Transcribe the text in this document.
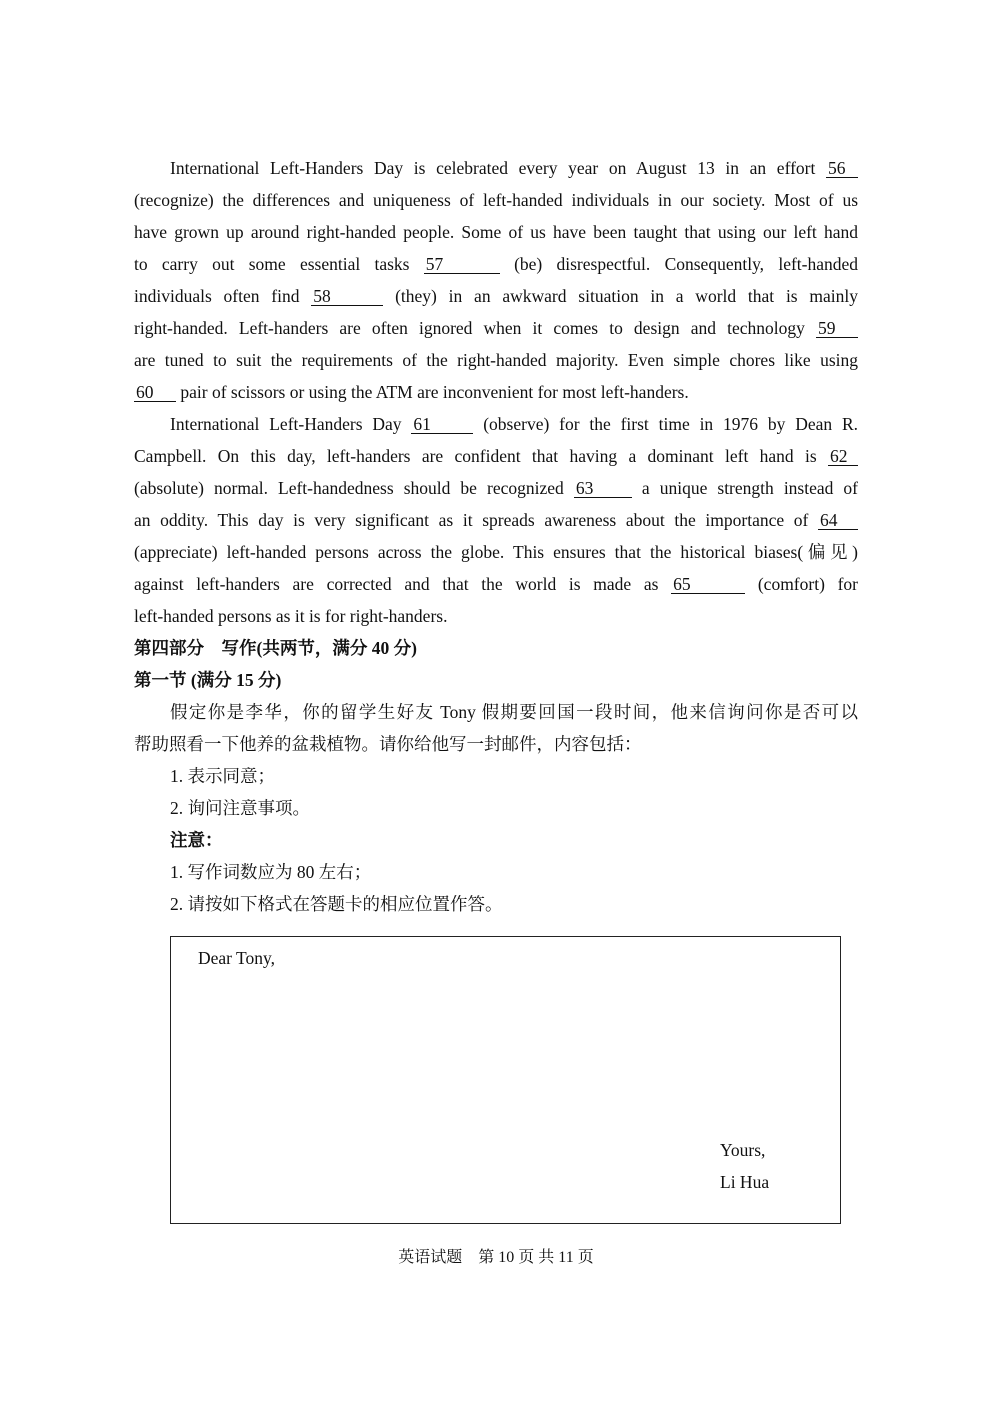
International Left-Handers Day is celebrated every year on August 13 in an effort 56
(recognize) the differences and uniqueness of left-handed individuals in our society. Most of us
have grown up around right-handed people. Some of us have been taught that using our left hand
to carry out some essential tasks 57	(be) disrespectful. Consequently, left-handed
individuals often find 58	(they) in an awkward situation in a world that is mainly
right-handed. Left-handers are often ignored when it comes to design and technology 59
are tuned to suit the requirements of the right-handed majority. Even simple chores like using
60 pair of scissors or using the ATM are inconvenient for most left-handers.
International Left-Handers Day 61	(observe) for the first time in 1976 by Dean R.
Campbell. On this day, left-handers are confident that having a dominant left hand is 62
(absolute) normal. Left-handedness should be recognized 63	a unique strength instead of
an oddity. This day is very significant as it spreads awareness about the importance of 64
(appreciate) left-handed persons across the globe. This ensures that the historical biases(偏见)
against left-handers are corrected and that the world is made as 65	(comfort) for
left-handed persons as it is for right-handers.
第四部分　写作(共两节，满分 40 分)
第一节 (满分 15 分)
假定你是李华，你的留学生好友 Tony 假期要回国一段时间，他来信询问你是否可以
帮助照看一下他养的盆栽植物。请你给他写一封邮件，内容包括：
1. 表示同意；
2. 询问注意事项。
注意：
1. 写作词数应为 80 左右；
2. 请按如下格式在答题卡的相应位置作答。
Dear Tony,
Yours,
Li Hua
英语试题　第 10 页 共 11 页
